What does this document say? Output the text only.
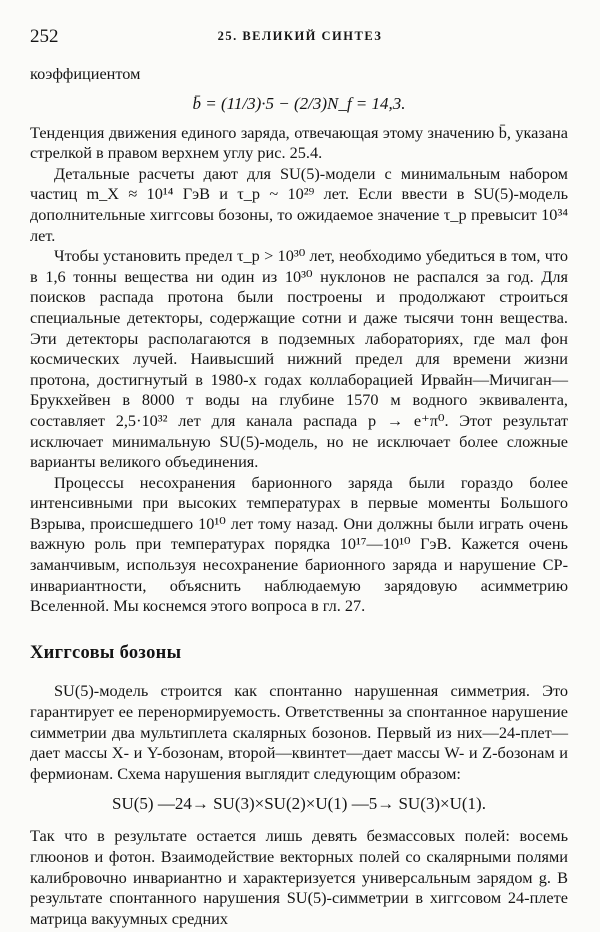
252	25. ВЕЛИКИЙ СИНТЕЗ

коэффициентом

b̄ = (11/3)·5 − (2/3)N_f = 14,3.

Тенденция движения единого заряда, отвечающая этому значению b̄, указана стрелкой в правом верхнем углу рис. 25.4.

Детальные расчеты дают для SU(5)-модели с минимальным набором частиц m_X ≈ 10¹⁴ ГэВ и τ_p ~ 10²⁹ лет. Если ввести в SU(5)-модель дополнительные хиггсовы бозоны, то ожидаемое значение τ_p превысит 10³⁴ лет.

Чтобы установить предел τ_p > 10³⁰ лет, необходимо убедиться в том, что в 1,6 тонны вещества ни один из 10³⁰ нуклонов не распался за год. Для поисков распада протона были построены и продолжают строиться специальные детекторы, содержащие сотни и даже тысячи тонн вещества. Эти детекторы располагаются в подземных лабораториях, где мал фон космических лучей. Наивысший нижний предел для времени жизни протона, достигнутый в 1980-х годах коллаборацией Ирвайн—Мичиган—Брукхейвен в 8000 т воды на глубине 1570 м водного эквивалента, составляет 2,5·10³² лет для канала распада p → e⁺π⁰. Этот результат исключает минимальную SU(5)-модель, но не исключает более сложные варианты великого объединения.

Процессы несохранения барионного заряда были гораздо более интенсивными при высоких температурах в первые моменты Большого Взрыва, происшедшего 10¹⁰ лет тому назад. Они должны были играть очень важную роль при температурах порядка 10¹⁷—10¹⁰ ГэВ. Кажется очень заманчивым, используя несохранение барионного заряда и нарушение CP-инвариантности, объяснить наблюдаемую зарядовую асимметрию Вселенной. Мы коснемся этого вопроса в гл. 27.

Хиггсовы бозоны

SU(5)-модель строится как спонтанно нарушенная симметрия. Это гарантирует ее перенормируемость. Ответственны за спонтанное нарушение симметрии два мультиплета скалярных бозонов. Первый из них—24-плет—дает массы X- и Y-бозонам, второй—квинтет—дает массы W- и Z-бозонам и фермионам. Схема нарушения выглядит следующим образом:

SU(5) —24→ SU(3)×SU(2)×U(1) —5→ SU(3)×U(1).

Так что в результате остается лишь девять безмассовых полей: восемь глюонов и фотон. Взаимодействие векторных полей со скалярными полями калибровочно инвариантно и характеризуется универсальным зарядом g. В результате спонтанного нарушения SU(5)-симметрии в хиггсовом 24-плете матрица вакуумных средних
